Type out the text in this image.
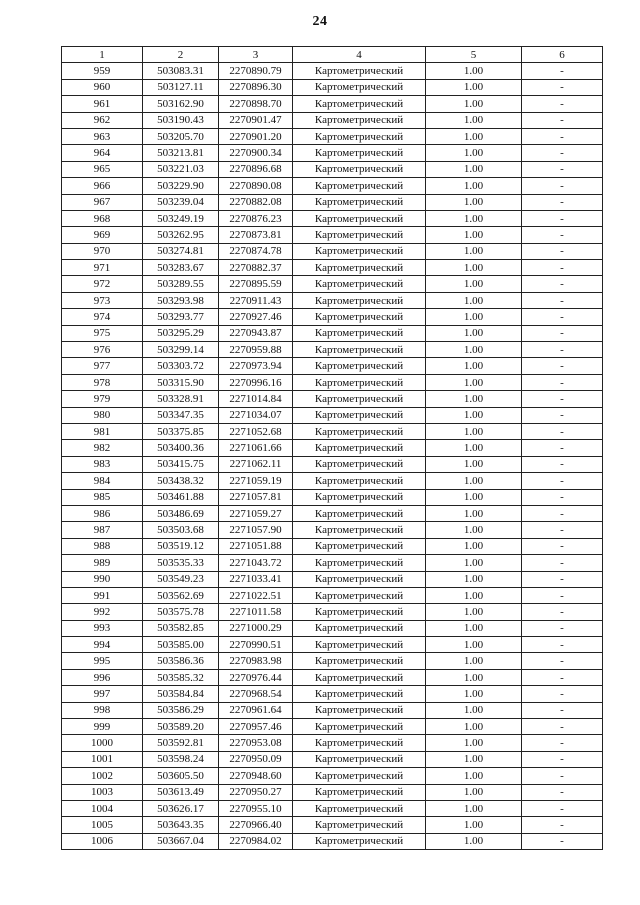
24
1	2	3	4	5	6
959	503083.31	2270890.79	Картометрический	1.00	-
960	503127.11	2270896.30	Картометрический	1.00	-
961	503162.90	2270898.70	Картометрический	1.00	-
962	503190.43	2270901.47	Картометрический	1.00	-
963	503205.70	2270901.20	Картометрический	1.00	-
964	503213.81	2270900.34	Картометрический	1.00	-
965	503221.03	2270896.68	Картометрический	1.00	-
966	503229.90	2270890.08	Картометрический	1.00	-
967	503239.04	2270882.08	Картометрический	1.00	-
968	503249.19	2270876.23	Картометрический	1.00	-
969	503262.95	2270873.81	Картометрический	1.00	-
970	503274.81	2270874.78	Картометрический	1.00	-
971	503283.67	2270882.37	Картометрический	1.00	-
972	503289.55	2270895.59	Картометрический	1.00	-
973	503293.98	2270911.43	Картометрический	1.00	-
974	503293.77	2270927.46	Картометрический	1.00	-
975	503295.29	2270943.87	Картометрический	1.00	-
976	503299.14	2270959.88	Картометрический	1.00	-
977	503303.72	2270973.94	Картометрический	1.00	-
978	503315.90	2270996.16	Картометрический	1.00	-
979	503328.91	2271014.84	Картометрический	1.00	-
980	503347.35	2271034.07	Картометрический	1.00	-
981	503375.85	2271052.68	Картометрический	1.00	-
982	503400.36	2271061.66	Картометрический	1.00	-
983	503415.75	2271062.11	Картометрический	1.00	-
984	503438.32	2271059.19	Картометрический	1.00	-
985	503461.88	2271057.81	Картометрический	1.00	-
986	503486.69	2271059.27	Картометрический	1.00	-
987	503503.68	2271057.90	Картометрический	1.00	-
988	503519.12	2271051.88	Картометрический	1.00	-
989	503535.33	2271043.72	Картометрический	1.00	-
990	503549.23	2271033.41	Картометрический	1.00	-
991	503562.69	2271022.51	Картометрический	1.00	-
992	503575.78	2271011.58	Картометрический	1.00	-
993	503582.85	2271000.29	Картометрический	1.00	-
994	503585.00	2270990.51	Картометрический	1.00	-
995	503586.36	2270983.98	Картометрический	1.00	-
996	503585.32	2270976.44	Картометрический	1.00	-
997	503584.84	2270968.54	Картометрический	1.00	-
998	503586.29	2270961.64	Картометрический	1.00	-
999	503589.20	2270957.46	Картометрический	1.00	-
1000	503592.81	2270953.08	Картометрический	1.00	-
1001	503598.24	2270950.09	Картометрический	1.00	-
1002	503605.50	2270948.60	Картометрический	1.00	-
1003	503613.49	2270950.27	Картометрический	1.00	-
1004	503626.17	2270955.10	Картометрический	1.00	-
1005	503643.35	2270966.40	Картометрический	1.00	-
1006	503667.04	2270984.02	Картометрический	1.00	-
